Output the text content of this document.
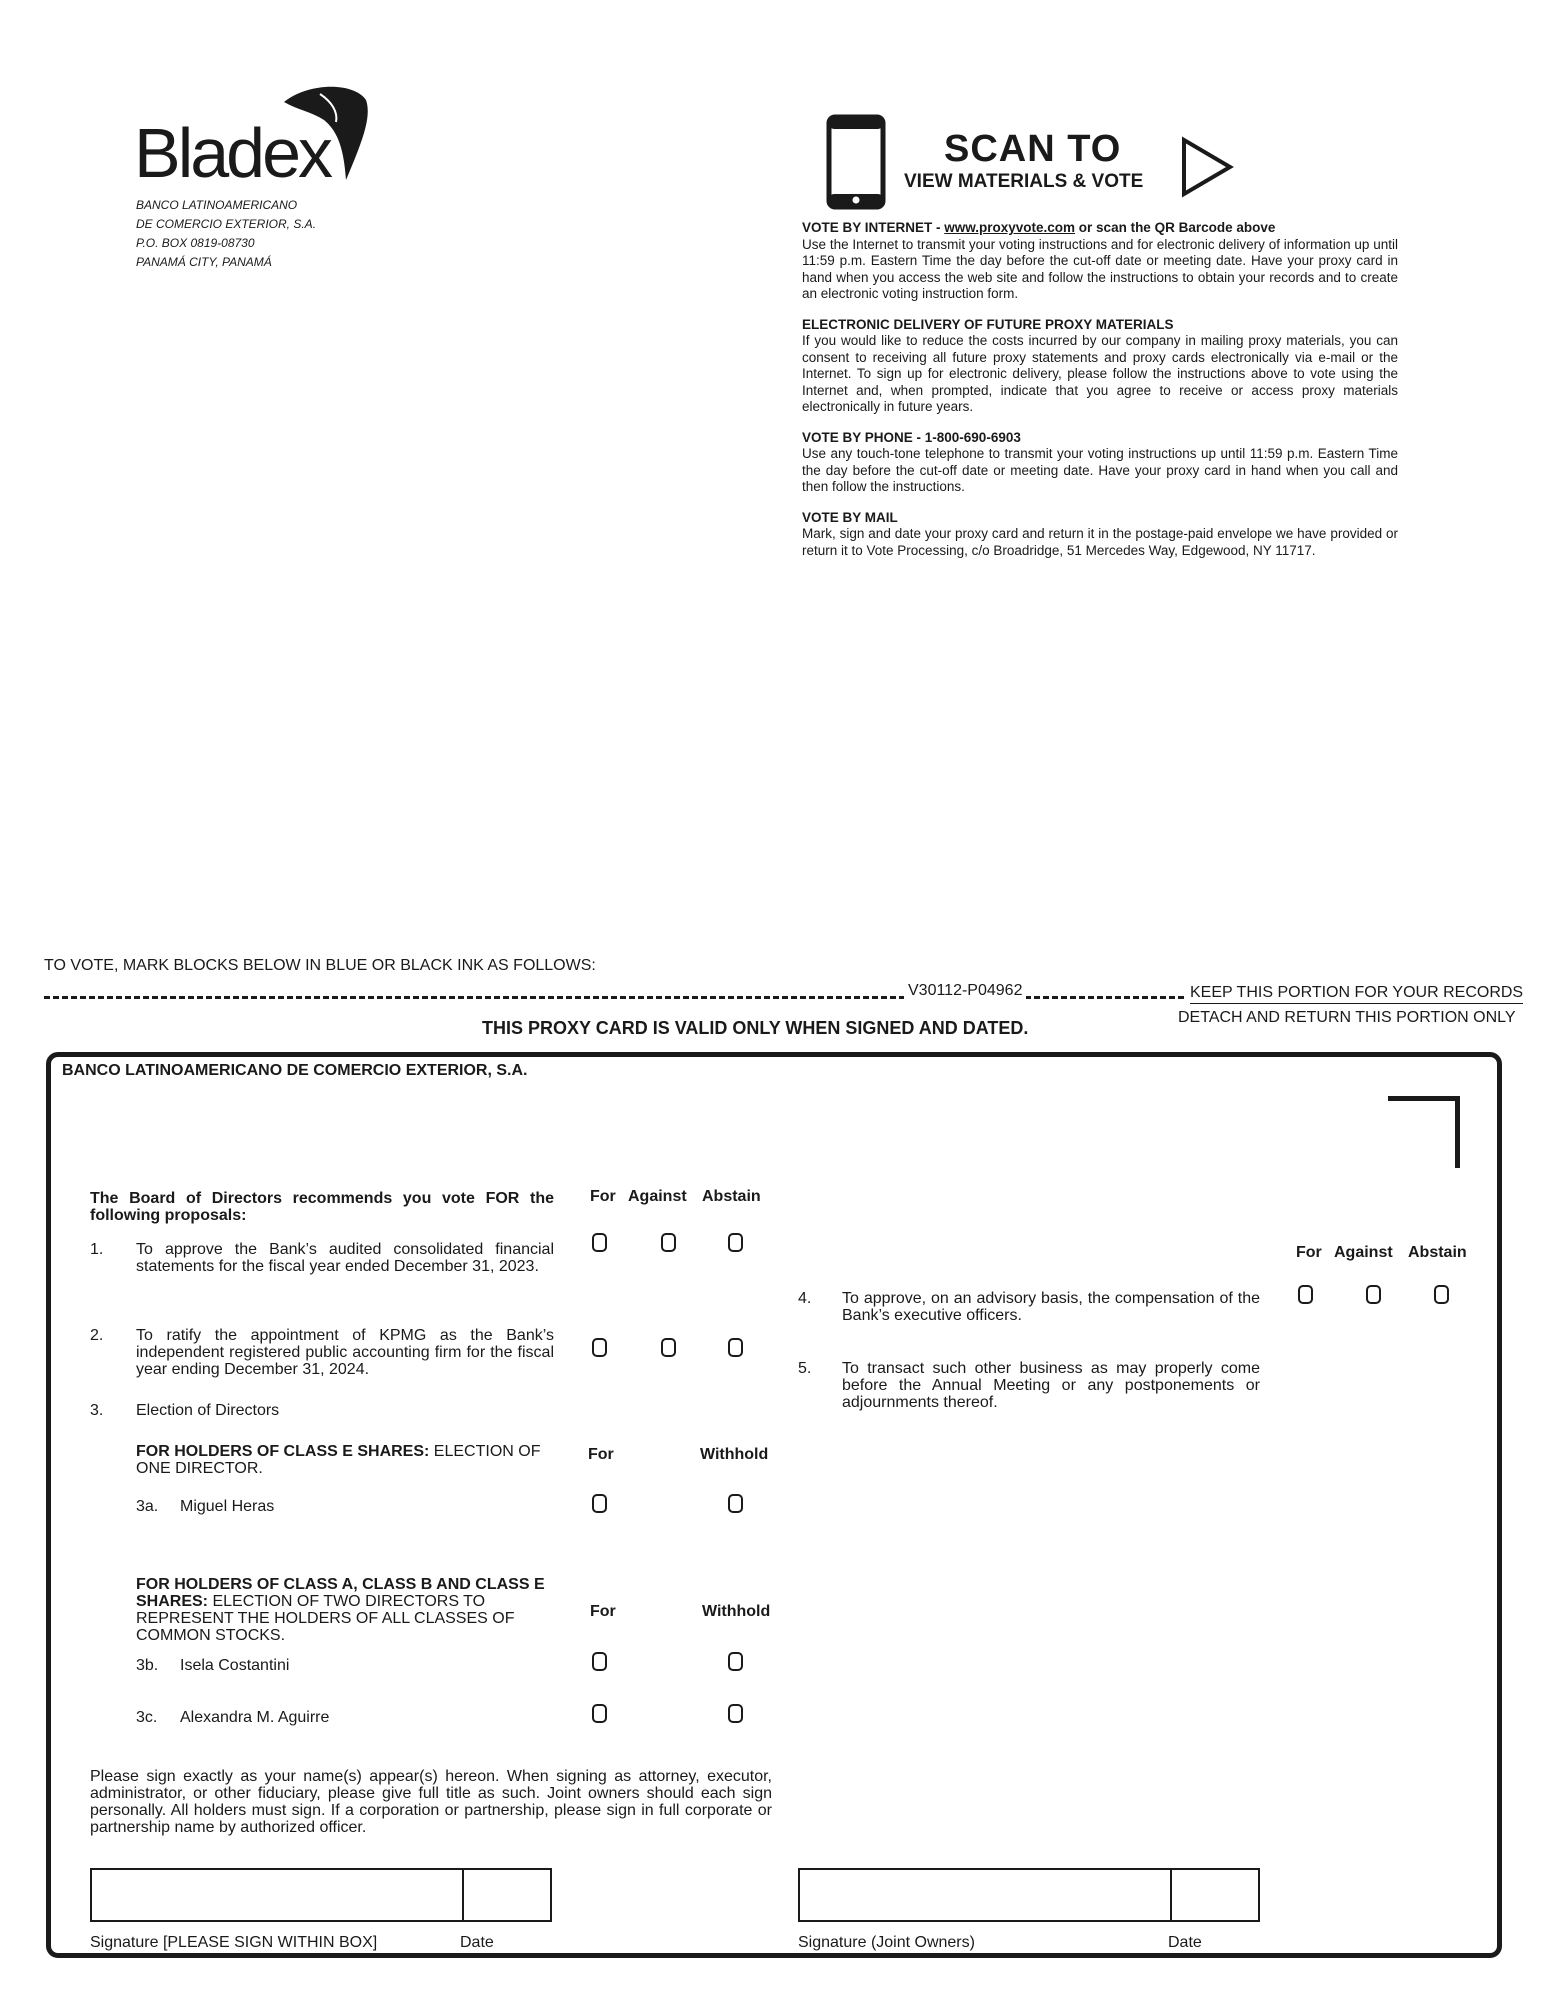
Bladex
BANCO LATINOAMERICANO
DE COMERCIO EXTERIOR, S.A.
P.O. BOX 0819-08730
PANAMÁ CITY, PANAMÁ
SCAN TO
VIEW MATERIALS & VOTE
VOTE BY INTERNET - www.proxyvote.com or scan the QR Barcode above

Use the Internet to transmit your voting instructions and for electronic delivery of information up until 11:59 p.m. Eastern Time the day before the cut-off date or meeting date. Have your proxy card in hand when you access the web site and follow the instructions to obtain your records and to create an electronic voting instruction form.

ELECTRONIC DELIVERY OF FUTURE PROXY MATERIALS

If you would like to reduce the costs incurred by our company in mailing proxy materials, you can consent to receiving all future proxy statements and proxy cards electronically via e-mail or the Internet. To sign up for electronic delivery, please follow the instructions above to vote using the Internet and, when prompted, indicate that you agree to receive or access proxy materials electronically in future years.

VOTE BY PHONE - 1-800-690-6903

Use any touch-tone telephone to transmit your voting instructions up until 11:59 p.m. Eastern Time the day before the cut-off date or meeting date. Have your proxy card in hand when you call and then follow the instructions.

VOTE BY MAIL

Mark, sign and date your proxy card and return it in the postage-paid envelope we have provided or return it to Vote Processing, c/o Broadridge, 51 Mercedes Way, Edgewood, NY 11717.

TO VOTE, MARK BLOCKS BELOW IN BLUE OR BLACK INK AS FOLLOWS:
V30112-P04962	KEEP THIS PORTION FOR YOUR RECORDS
DETACH AND RETURN THIS PORTION ONLY
THIS PROXY CARD IS VALID ONLY WHEN SIGNED AND DATED.
BANCO LATINOAMERICANO DE COMERCIO EXTERIOR, S.A.
The Board of Directors recommends you vote FOR the following proposals:
For Against Abstain
1. To approve the Bank’s audited consolidated financial statements for the fiscal year ended December 31, 2023.
2. To ratify the appointment of KPMG as the Bank’s independent registered public accounting firm for the fiscal year ending December 31, 2024.
3. Election of Directors
FOR HOLDERS OF CLASS E SHARES: ELECTION OF ONE DIRECTOR.
For	Withhold
3a. Miguel Heras
FOR HOLDERS OF CLASS A, CLASS B AND CLASS E SHARES: ELECTION OF TWO DIRECTORS TO REPRESENT THE HOLDERS OF ALL CLASSES OF COMMON STOCKS.
For	Withhold
3b. Isela Costantini
3c. Alexandra M. Aguirre
For Against Abstain
4. To approve, on an advisory basis, the compensation of the Bank’s executive officers.
5. To transact such other business as may properly come before the Annual Meeting or any postponements or adjournments thereof.
Please sign exactly as your name(s) appear(s) hereon. When signing as attorney, executor, administrator, or other fiduciary, please give full title as such. Joint owners should each sign personally. All holders must sign. If a corporation or partnership, please sign in full corporate or partnership name by authorized officer.
Signature [PLEASE SIGN WITHIN BOX]	Date	Signature (Joint Owners)	Date
